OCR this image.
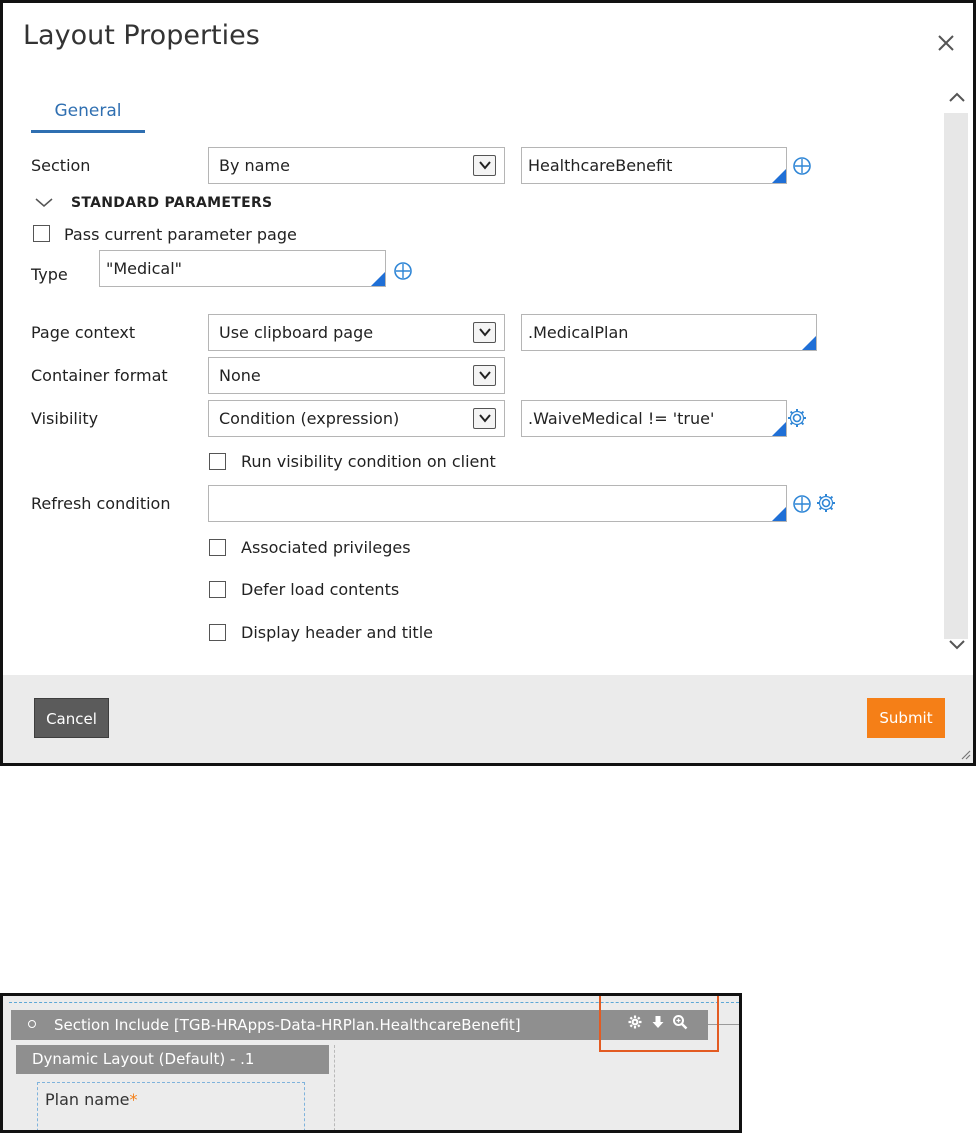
Layout Properties
General
Section	By name	HealthcareBenefit
STANDARD PARAMETERS
Pass current parameter page
Type "Medical"
Page context	Use clipboard page	.MedicalPlan
Container format	None
Visibility	Condition (expression)	.WaiveMedical != 'true'
Run visibility condition on client
Refresh condition
Associated privileges
Defer load contents
Display header and title
Cancel	Submit
Section Include [TGB-HRApps-Data-HRPlan.HealthcareBenefit]
Dynamic Layout (Default) - .1
Plan name*
